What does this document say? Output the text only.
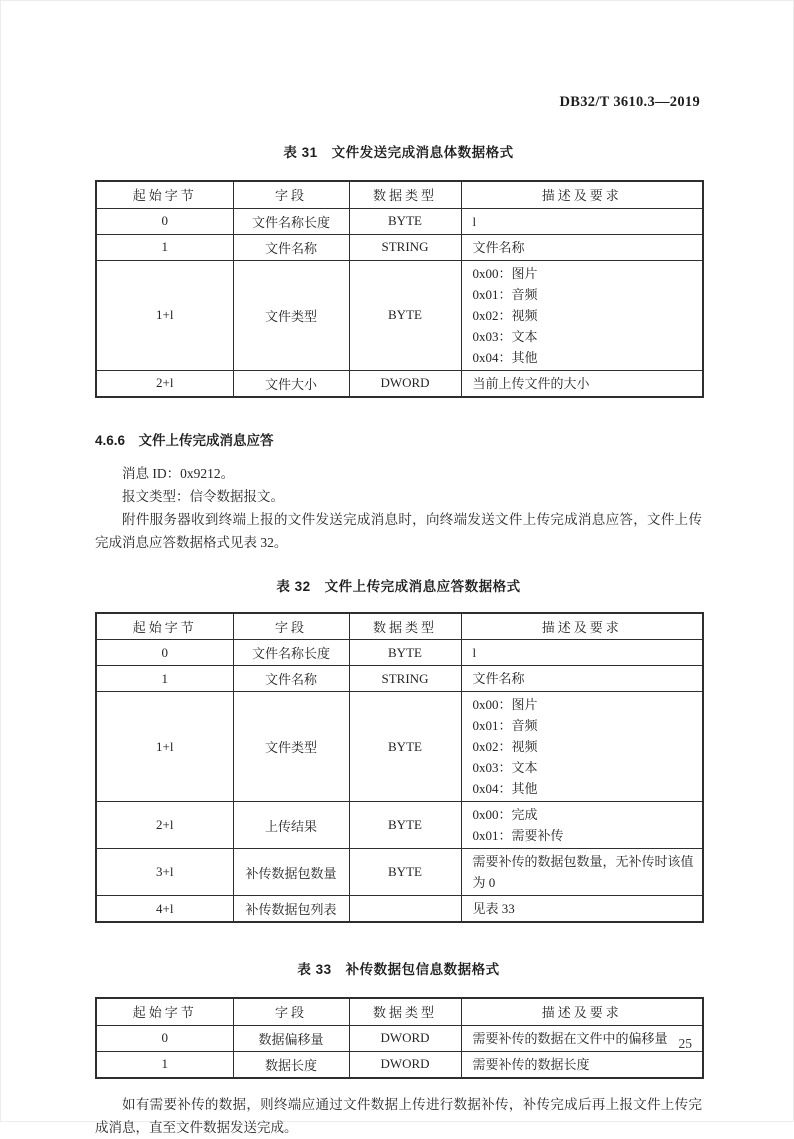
DB32/T 3610.3—2019
表 31　文件发送完成消息体数据格式
起始字节	字段	数据类型	描述及要求
0	文件名称长度	BYTE	l

1	文件名称	STRING	文件名称

1+l	文件类型	BYTE	0x00：图片
0x01：音频
0x02：视频
0x03：文本
0x04：其他

2+l	文件大小	DWORD	当前上传文件的大小
4.6.6　文件上传完成消息应答

消息 ID：0x9212。

报文类型：信令数据报文。

附件服务器收到终端上报的文件发送完成消息时，向终端发送文件上传完成消息应答，文件上传完成消息应答数据格式见表 32。

表 32　文件上传完成消息应答数据格式
起始字节	字段	数据类型	描述及要求
0	文件名称长度	BYTE	l

1	文件名称	STRING	文件名称

1+l	文件类型	BYTE	0x00：图片
0x01：音频
0x02：视频
0x03：文本
0x04：其他

2+l	上传结果	BYTE	0x00：完成
0x01：需要补传

3+l	补传数据包数量	BYTE	需要补传的数据包数量，无补传时该值为 0

4+l	补传数据包列表		见表 33
表 33　补传数据包信息数据格式
起始字节	字段	数据类型	描述及要求
0	数据偏移量	DWORD	需要补传的数据在文件中的偏移量

1	数据长度	DWORD	需要补传的数据长度

如有需要补传的数据，则终端应通过文件数据上传进行数据补传，补传完成后再上报文件上传完成消息，直至文件数据发送完成。

25
